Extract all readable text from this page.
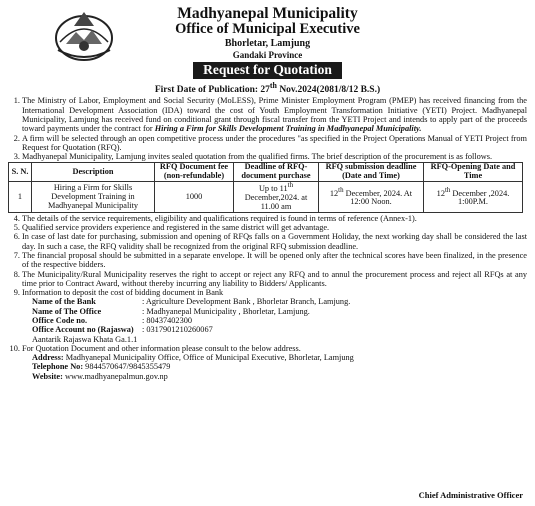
Madhyanepal Municipality
Office of Municipal Executive
Bhorletar, Lamjung
Gandaki Province
Request for Quotation
First Date of Publication: 27th Nov.2024(2081/8/12 B.S.)
1. The Ministry of Labor, Employment and Social Security (MoLESS), Prime Minister Employment Program (PMEP) has received financing from the International Development Association (IDA) toward the cost of Youth Employment Transformation Initiative (YETI) Project. Madhyanepal Municipality, Lamjung has received fund on conditional grant through fiscal transfer from the YETI Project and intends to apply part of the proceeds toward payments under the contract for Hiring a Firm for Skills Development Training in Madhyanepal Municipality.
2. A firm will be selected through an open competitive process under the procedures "as specified in the Project Operations Manual of YETI Project from Request for Quotation (RFQ).
3. Madhyanepal Municipality, Lamjung invites sealed quotation from the qualified firms. The brief description of the procurement is as follows.
S. N.	Description	RFQ Document fee (non-refundable)	Deadline of RFQ-document purchase	RFQ submission deadline (Date and Time)	RFQ-Opening Date and Time
1	Hiring a Firm for Skills Development Training in Madhyanepal Municipality	1000	Up to 11th December,2024. at 11.00 am	12th December, 2024. At 12:00 Noon.	12th December ,2024. 1:00P.M.
4. The details of the service requirements, eligibility and qualifications required is found in terms of reference (Annex-1).
5. Qualified service providers experience and registered in the same district will get advantage.
6. In case of last date for purchasing, submission and opening of RFQs falls on a Government Holiday, the next working day shall be considered the last day. In such a case, the RFQ validity shall be recognized from the original RFQ submission deadline.
7. The financial proposal should be submitted in a separate envelope. It will be opened only after the technical scores have been finalized, in the presence of the respective bidders.
8. The Municipality/Rural Municipality reserves the right to accept or reject any RFQ and to annul the procurement process and reject all RFQs at any time prior to Contract Award, without thereby incurring any liability to Bidders/ Applicants.
9. Information to deposit the cost of bidding document in Bank
Name of the Bank	: Agriculture Development Bank , Bhorletar Branch, Lamjung.
Name of The Office	: Madhyanepal Municipality , Bhorletar, Lamjung.
Office Code no.	: 80437402300
Office Account no (Rajaswa)	: 0317901210260067
Aantarik Rajaswa Khata Ga.1.1
10. For Quotation Document and other information please consult to the below address.
Address: Madhyanepal Municipality Office, Office of Municipal Executive, Bhorletar, Lamjung
Telephone No: 9844570647/9845355479
Website: www.madhyanepalmun.gov.np
Chief Administrative Officer
